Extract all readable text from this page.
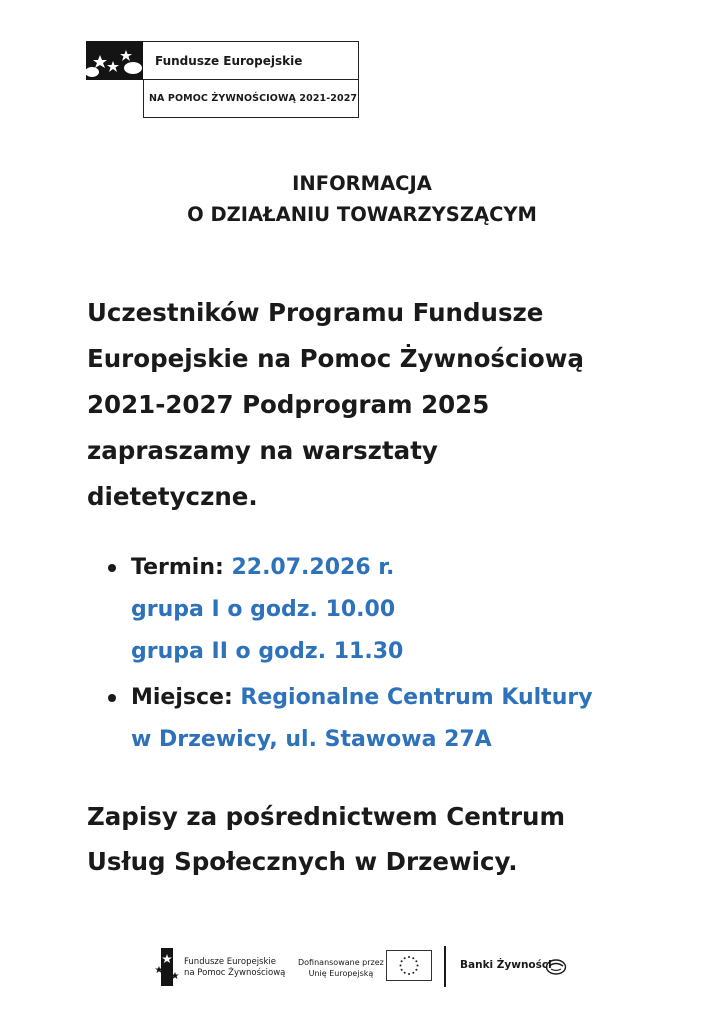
Fundusze Europejskie
NA POMOC ŻYWNOŚCIOWĄ 2021-2027
INFORMACJA
O DZIAŁANIU TOWARZYSZĄCYM
Uczestników Programu Fundusze
Europejskie na Pomoc Żywnościową
2021-2027 Podprogram 2025
zapraszamy na warsztaty
dietetyczne.
Termin: 22.07.2026 r.
grupa I o godz. 10.00
grupa II o godz. 11.30
Miejsce: Regionalne Centrum Kultury
w Drzewicy, ul. Stawowa 27A
Zapisy za pośrednictwem Centrum
Usług Społecznych w Drzewicy.
Fundusze Europejskie
na Pomoc Żywnościową
Dofinansowane przez
Unię Europejską
Banki Żywności
